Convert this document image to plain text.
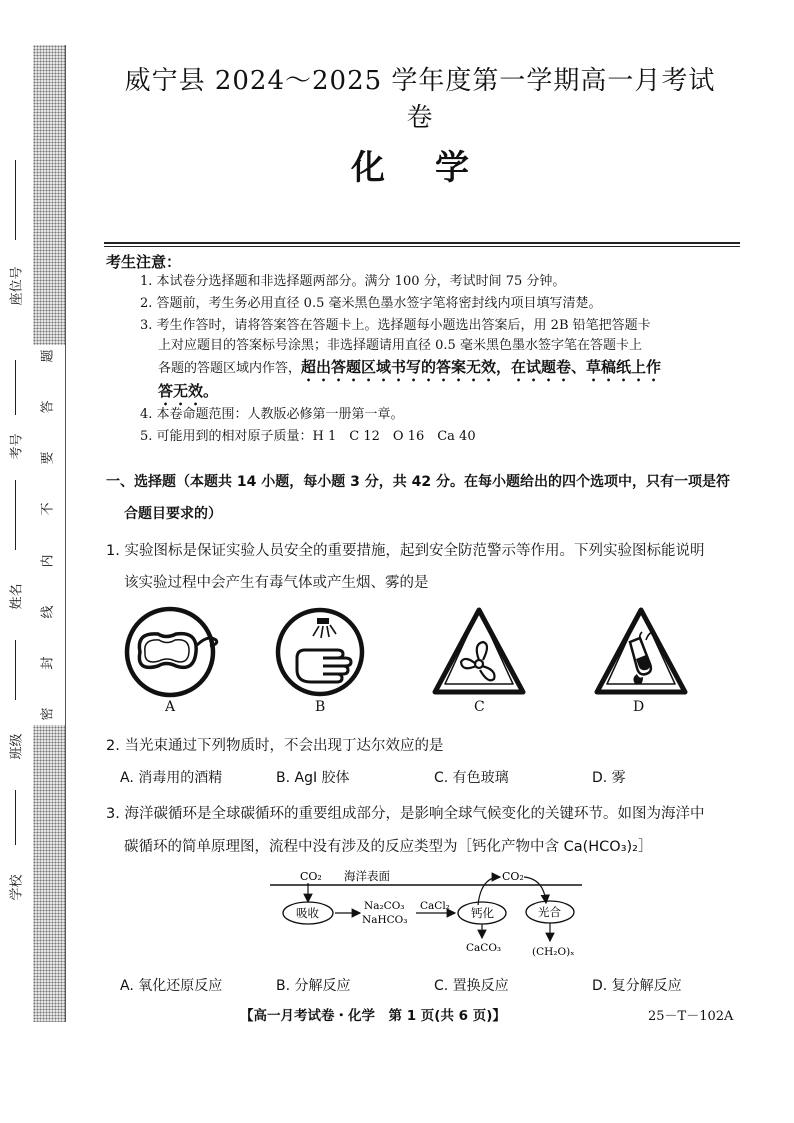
密
封
线
内
不
要
答
题
座位号
考号
姓名
班级
学校
威宁县 2024～2025 学年度第一学期高一月考试卷
化学
考生注意：
1. 本试卷分选择题和非选择题两部分。满分 100 分，考试时间 75 分钟。
2. 答题前，考生务必用直径 0.5 毫米黑色墨水签字笔将密封线内项目填写清楚。
3. 考生作答时，请将答案答在答题卡上。选择题每小题选出答案后，用 2B 铅笔把答题卡
上对应题目的答案标号涂黑；非选择题请用直径 0.5 毫米黑色墨水签字笔在答题卡上
各题的答题区域内作答，超出答题区域书写的答案无效，在试题卷、草稿纸上作
答无效。
4. 本卷命题范围：人教版必修第一册第一章。
5. 可能用到的相对原子质量：H 1　C 12　O 16　Ca 40
一、选择题（本题共 14 小题，每小题 3 分，共 42 分。在每小题给出的四个选项中，只有一项是符
合题目要求的）
1. 实验图标是保证实验人员安全的重要措施，起到安全防范警示等作用。下列实验图标能说明
该实验过程中会产生有毒气体或产生烟、雾的是
A	B	C	D
2. 当光束通过下列物质时，不会出现丁达尔效应的是
A. 消毒用的酒精	B. AgI 胶体	C. 有色玻璃	D. 雾
3. 海洋碳循环是全球碳循环的重要组成部分，是影响全球气候变化的关键环节。如图为海洋中
碳循环的简单原理图，流程中没有涉及的反应类型为［钙化产物中含 Ca(HCO₃)₂］
CO₂ 海洋表面	CO₂
吸收	Na₂CO₃
NaHCO₃
CaCl₂ 钙化	光合
CaCO₃	(CH₂O)ₓ
A. 氧化还原反应	B. 分解反应	C. 置换反应	D. 复分解反应
【高一月考试卷・化学　第 1 页(共 6 页)】	25－T－102A
